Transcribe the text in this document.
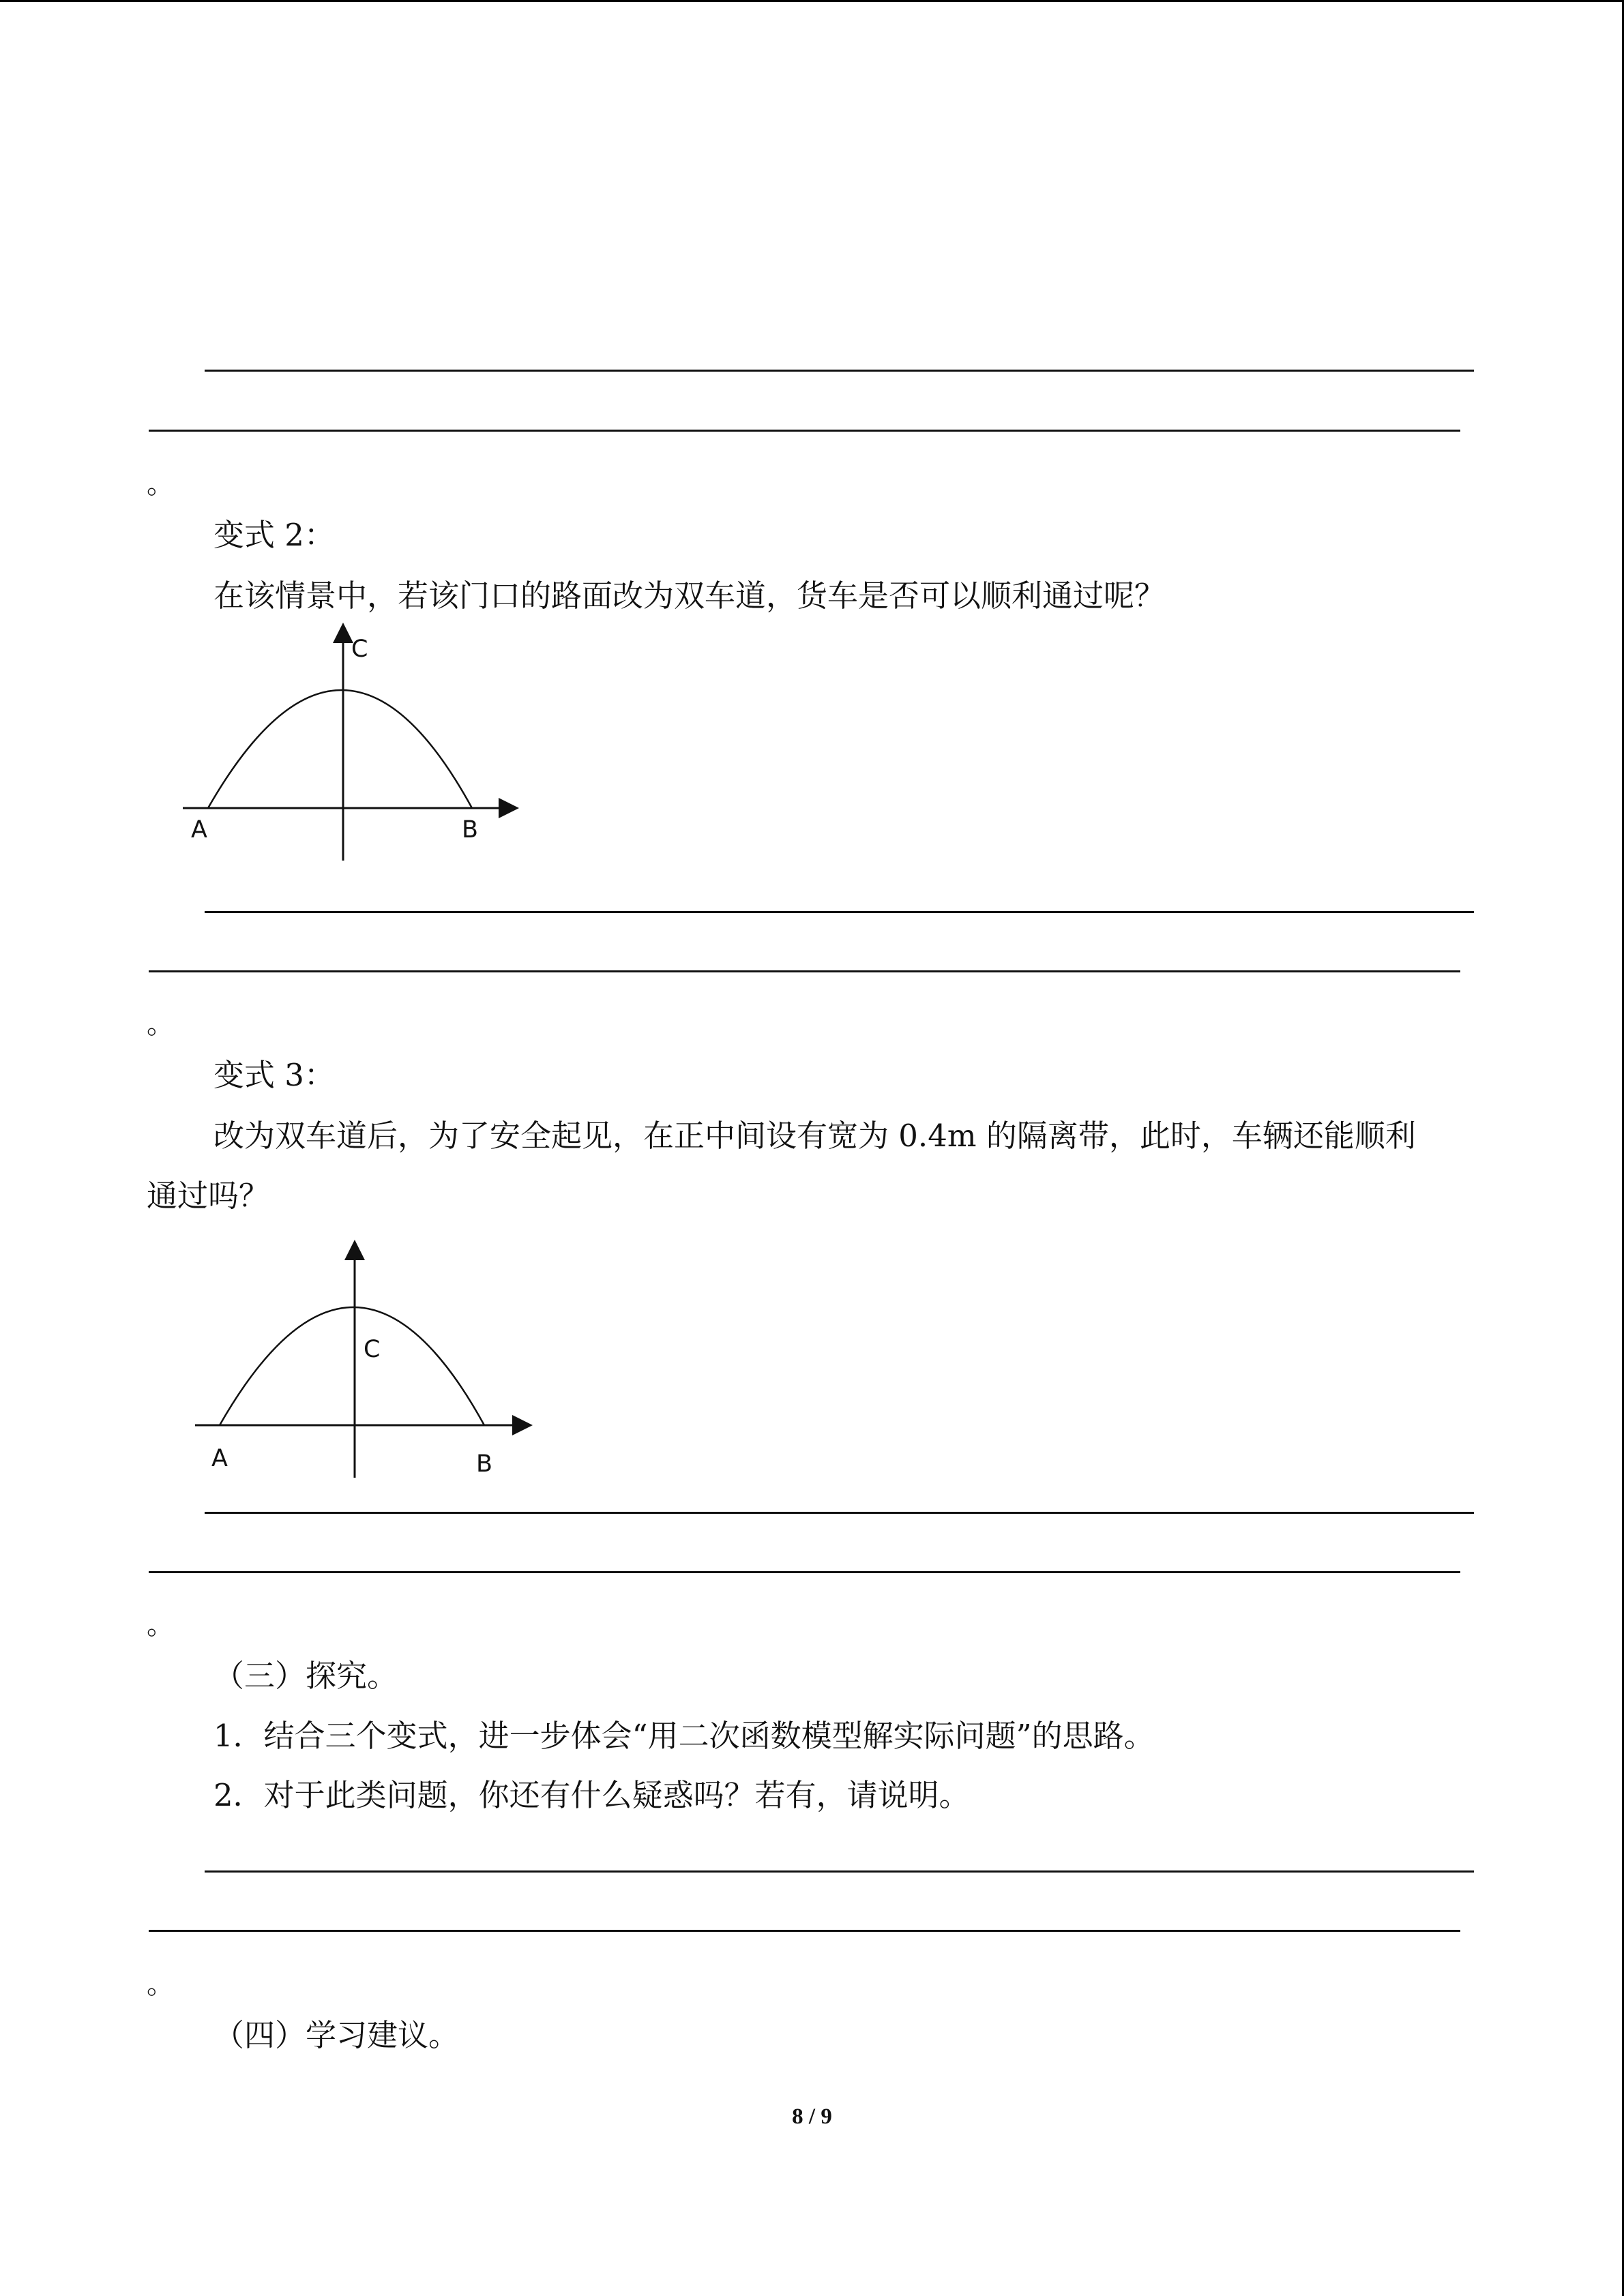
。
变式 2：
在该情景中，若该门口的路面改为双车道，货车是否可以顺利通过呢？
C
A	B
。
变式 3：
改为双车道后，为了安全起见，在正中间设有宽为 0.4m 的隔离带，此时，车辆还能顺利
通过吗？
C
A	B
。
（三）探究。
1．结合三个变式，进一步体会“用二次函数模型解实际问题”的思路。
2．对于此类问题，你还有什么疑惑吗？若有，请说明。
。
（四）学习建议。
8 / 9
